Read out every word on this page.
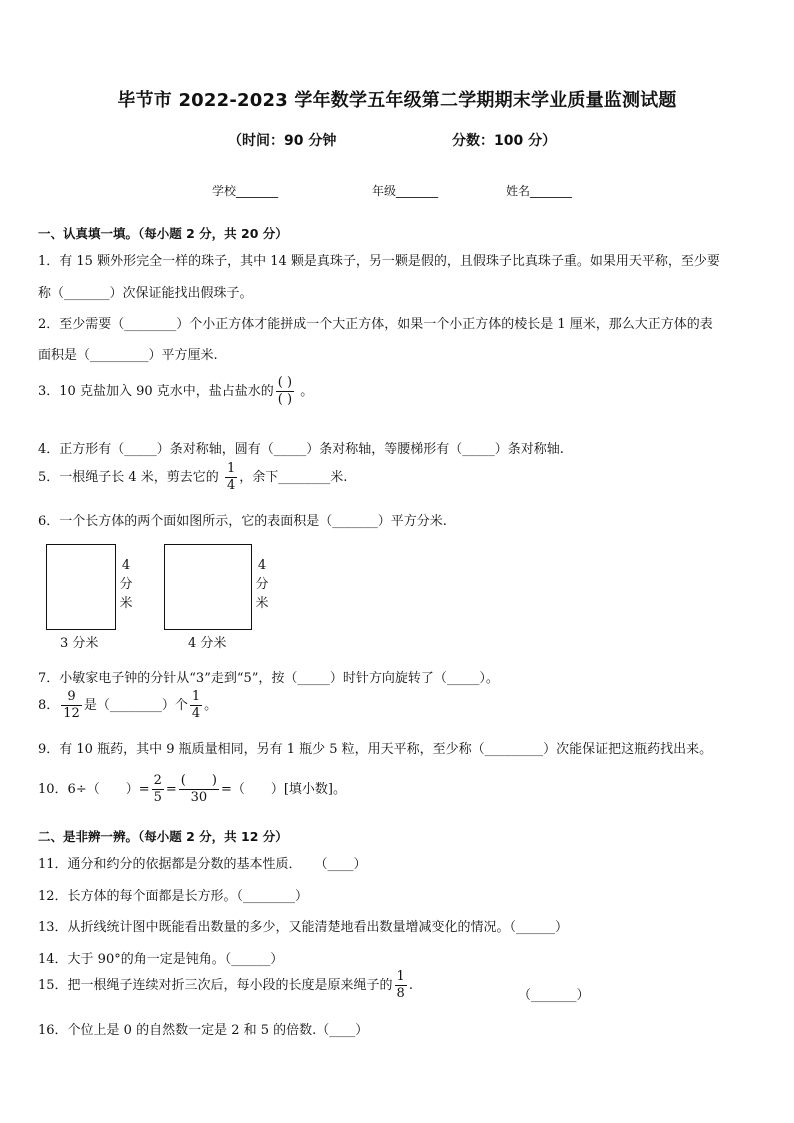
毕节市 2022-2023 学年数学五年级第二学期期末学业质量监测试题
（时间：90 分钟	分数：100 分）
学校_______	年级_______	姓名_______
一、认真填一填。（每小题 2 分，共 20 分）
1．有 15 颗外形完全一样的珠子，其中 14 颗是真珠子，另一颗是假的，且假珠子比真珠子重。如果用天平称，至少要
称（_______）次保证能找出假珠子。
2．至少需要（________）个小正方体才能拼成一个大正方体，如果一个小正方体的棱长是 1 厘米，那么大正方体的表
面积是（_________）平方厘米.
3．10 克盐加入 90 克水中，盐占盐水的 $\frac{( )}{( )}$ 。
4．正方形有（_____）条对称轴，圆有（_____）条对称轴，等腰梯形有（_____）条对称轴.
5．一根绳子长 4 米，剪去它的 $\frac{1}{4}$ ，余下________米.
6．一个长方体的两个面如图所示，它的表面积是（_______）平方分米.
4
分
米
3 分米
4
分
米
4 分米
7．小敏家电子钟的分针从“3”走到“5”，按（_____）时针方向旋转了（_____）。
8． $\frac{9}{12}$ 是（________）个 $\frac{1}{4}$ 。
9．有 10 瓶药，其中 9 瓶质量相同，另有 1 瓶少 5 粒，用天平称，至少称（_________）次能保证把这瓶药找出来。
10．6÷（　　）= $\frac{2}{5} = \frac{( )}{30}$ =（　　）[填小数]。
二、是非辨一辨。（每小题 2 分，共 12 分）
11．通分和约分的依据都是分数的基本性质．　　（____）
12．长方体的每个面都是长方形。（________）
13．从折线统计图中既能看出数量的多少，又能清楚地看出数量增减变化的情况。（______）
14．大于 90°的角一定是钝角。（______）
15．把一根绳子连续对折三次后，每小段的长度是原来绳子的 $\frac{1}{8}$ .
（_______）
16．个位上是 0 的自然数一定是 2 和 5 的倍数.（____）
